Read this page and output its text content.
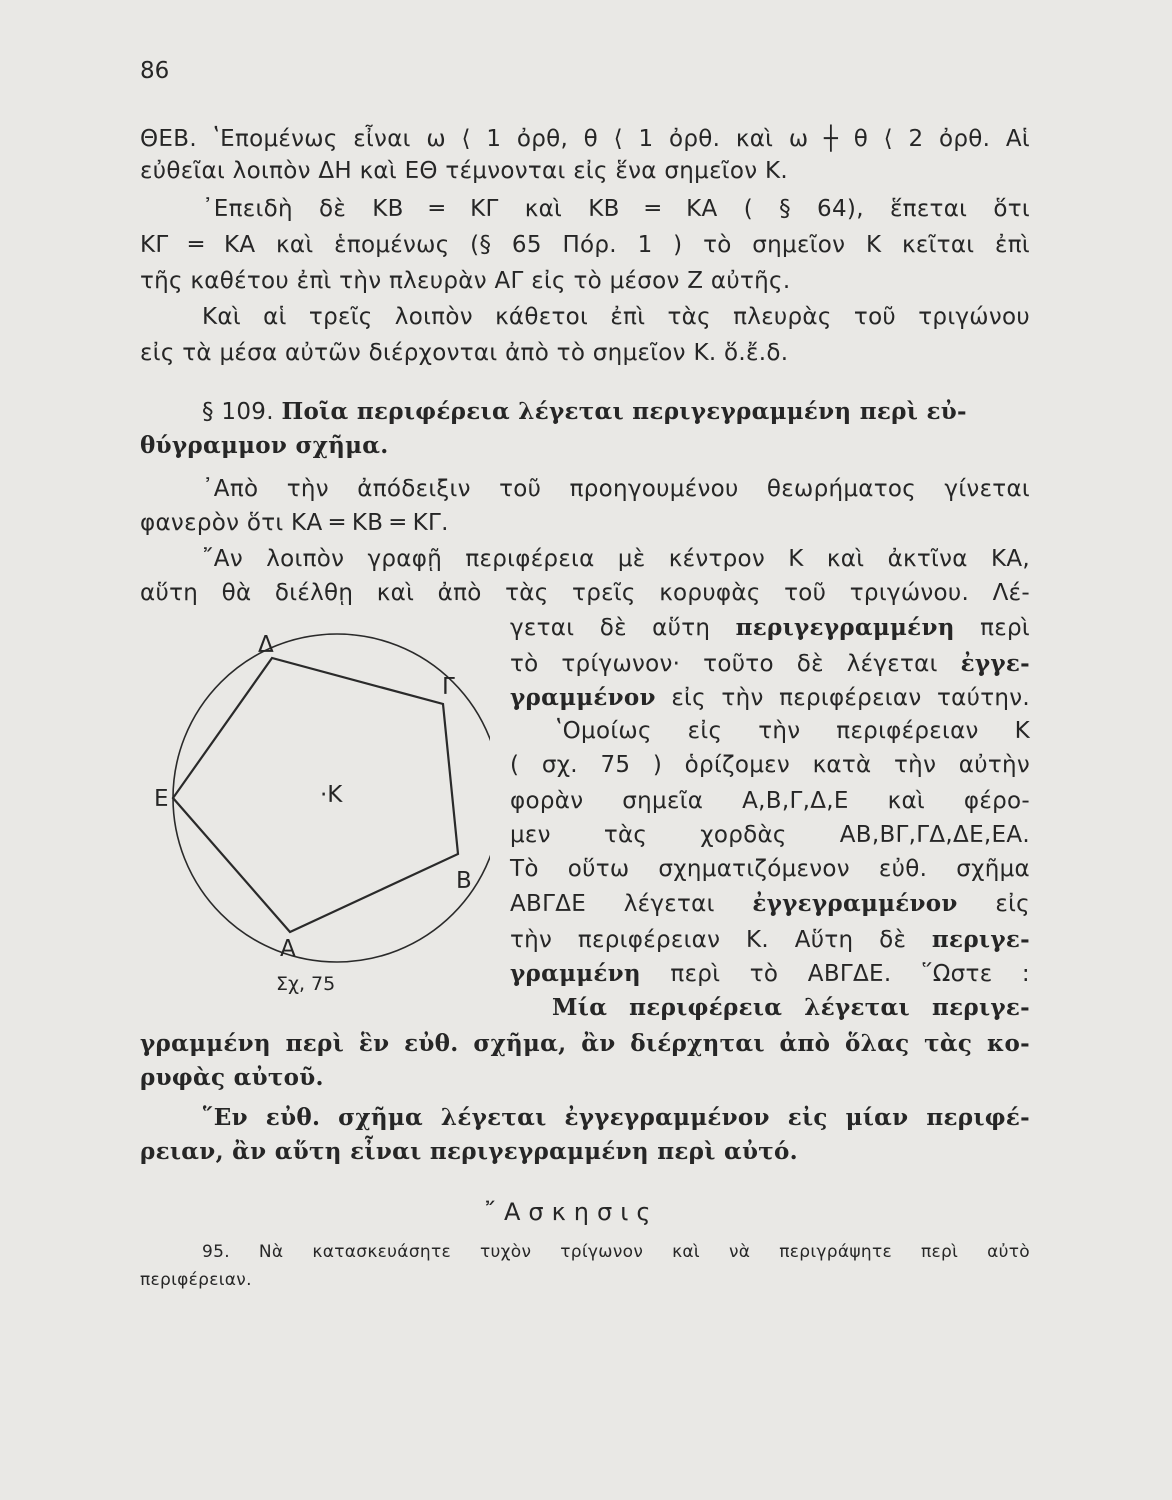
86
ΘΕΒ. ʽΕπομένως εἶναι ω ⟨ 1 ὀρθ, θ ⟨ 1 ὀρθ. καὶ ω ┼ θ ⟨ 2 ὀρθ. Αἱ
εὐθεῖαι λοιπὸν ΔΗ καὶ ΕΘ τέμνονται εἰς ἕνα σημεῖον Κ.
᾿Επειδὴ δὲ ΚΒ ═ ΚΓ καὶ ΚΒ ═ ΚΑ ( § 64), ἕπεται ὅτι
ΚΓ ═ ΚΑ καὶ ἑπομένως (§ 65 Πόρ. 1 ) τὸ σημεῖον Κ κεῖται ἐπὶ
τῆς καθέτου ἐπὶ τὴν πλευρὰν ΑΓ εἰς τὸ μέσον Ζ αὐτῆς.
Καὶ αἱ τρεῖς λοιπὸν κάθετοι ἐπὶ τὰς πλευρὰς τοῦ τριγώνου
εἰς τὰ μέσα αὐτῶν διέρχονται ἀπὸ τὸ σημεῖον Κ. ὅ.ἔ.δ.
§ 109. Ποῖα περιφέρεια λέγεται περιγεγραμμένη περὶ εὐ-
θύγραμμον σχῆμα.
᾿Απὸ τὴν ἀπόδειξιν τοῦ προηγουμένου θεωρήματος γίνεται
φανερὸν ὅτι ΚΑ ═ ΚΒ ═ ΚΓ.
῎Αν λοιπὸν γραφῇ περιφέρεια μὲ κέντρον Κ καὶ ἀκτῖνα ΚΑ,
αὕτη θὰ διέλθῃ καὶ ἀπὸ τὰς τρεῖς κορυφὰς τοῦ τριγώνου. Λέ-
γεται δὲ αὕτη περιγεγραμμένη περὶ
τὸ τρίγωνον· τοῦτο δὲ λέγεται ἐγγε-
γραμμένον εἰς τὴν περιφέρειαν ταύτην.
ʽΟμοίως εἰς τὴν περιφέρειαν Κ
( σχ. 75 ) ὁρίζομεν κατὰ τὴν αὐτὴν
φορὰν σημεῖα Α,Β,Γ,Δ,Ε καὶ φέρο-
μεν τὰς χορδὰς ΑΒ,ΒΓ,ΓΔ,ΔΕ,ΕΑ.
Τὸ οὕτω σχηματιζόμενον εὐθ. σχῆμα
ΑΒΓΔΕ λέγεται ἐγγεγραμμένον εἰς
τὴν περιφέρειαν Κ. Αὕτη δὲ περιγε-
γραμμένη περὶ τὸ ΑΒΓΔΕ. ῞Ωστε :
Μία περιφέρεια λέγεται περιγε-
γραμμένη περὶ ἓν εὐθ. σχῆμα, ἂν διέρχηται ἀπὸ ὅλας τὰς κο-
ρυφὰς αὐτοῦ.
῞Εν εὐθ. σχῆμα λέγεται ἐγγεγραμμένον εἰς μίαν περιφέ-
ρειαν, ἂν αὕτη εἶναι περιγεγραμμένη περὶ αὐτό.
῎Ασκησις
95. Νὰ κατασκευάσητε τυχὸν τρίγωνον καὶ νὰ περιγράψητε περὶ αὐτὸ
περιφέρειαν.
Δ
Γ
Ε	·Κ
Β
Α
Σχ, 75
